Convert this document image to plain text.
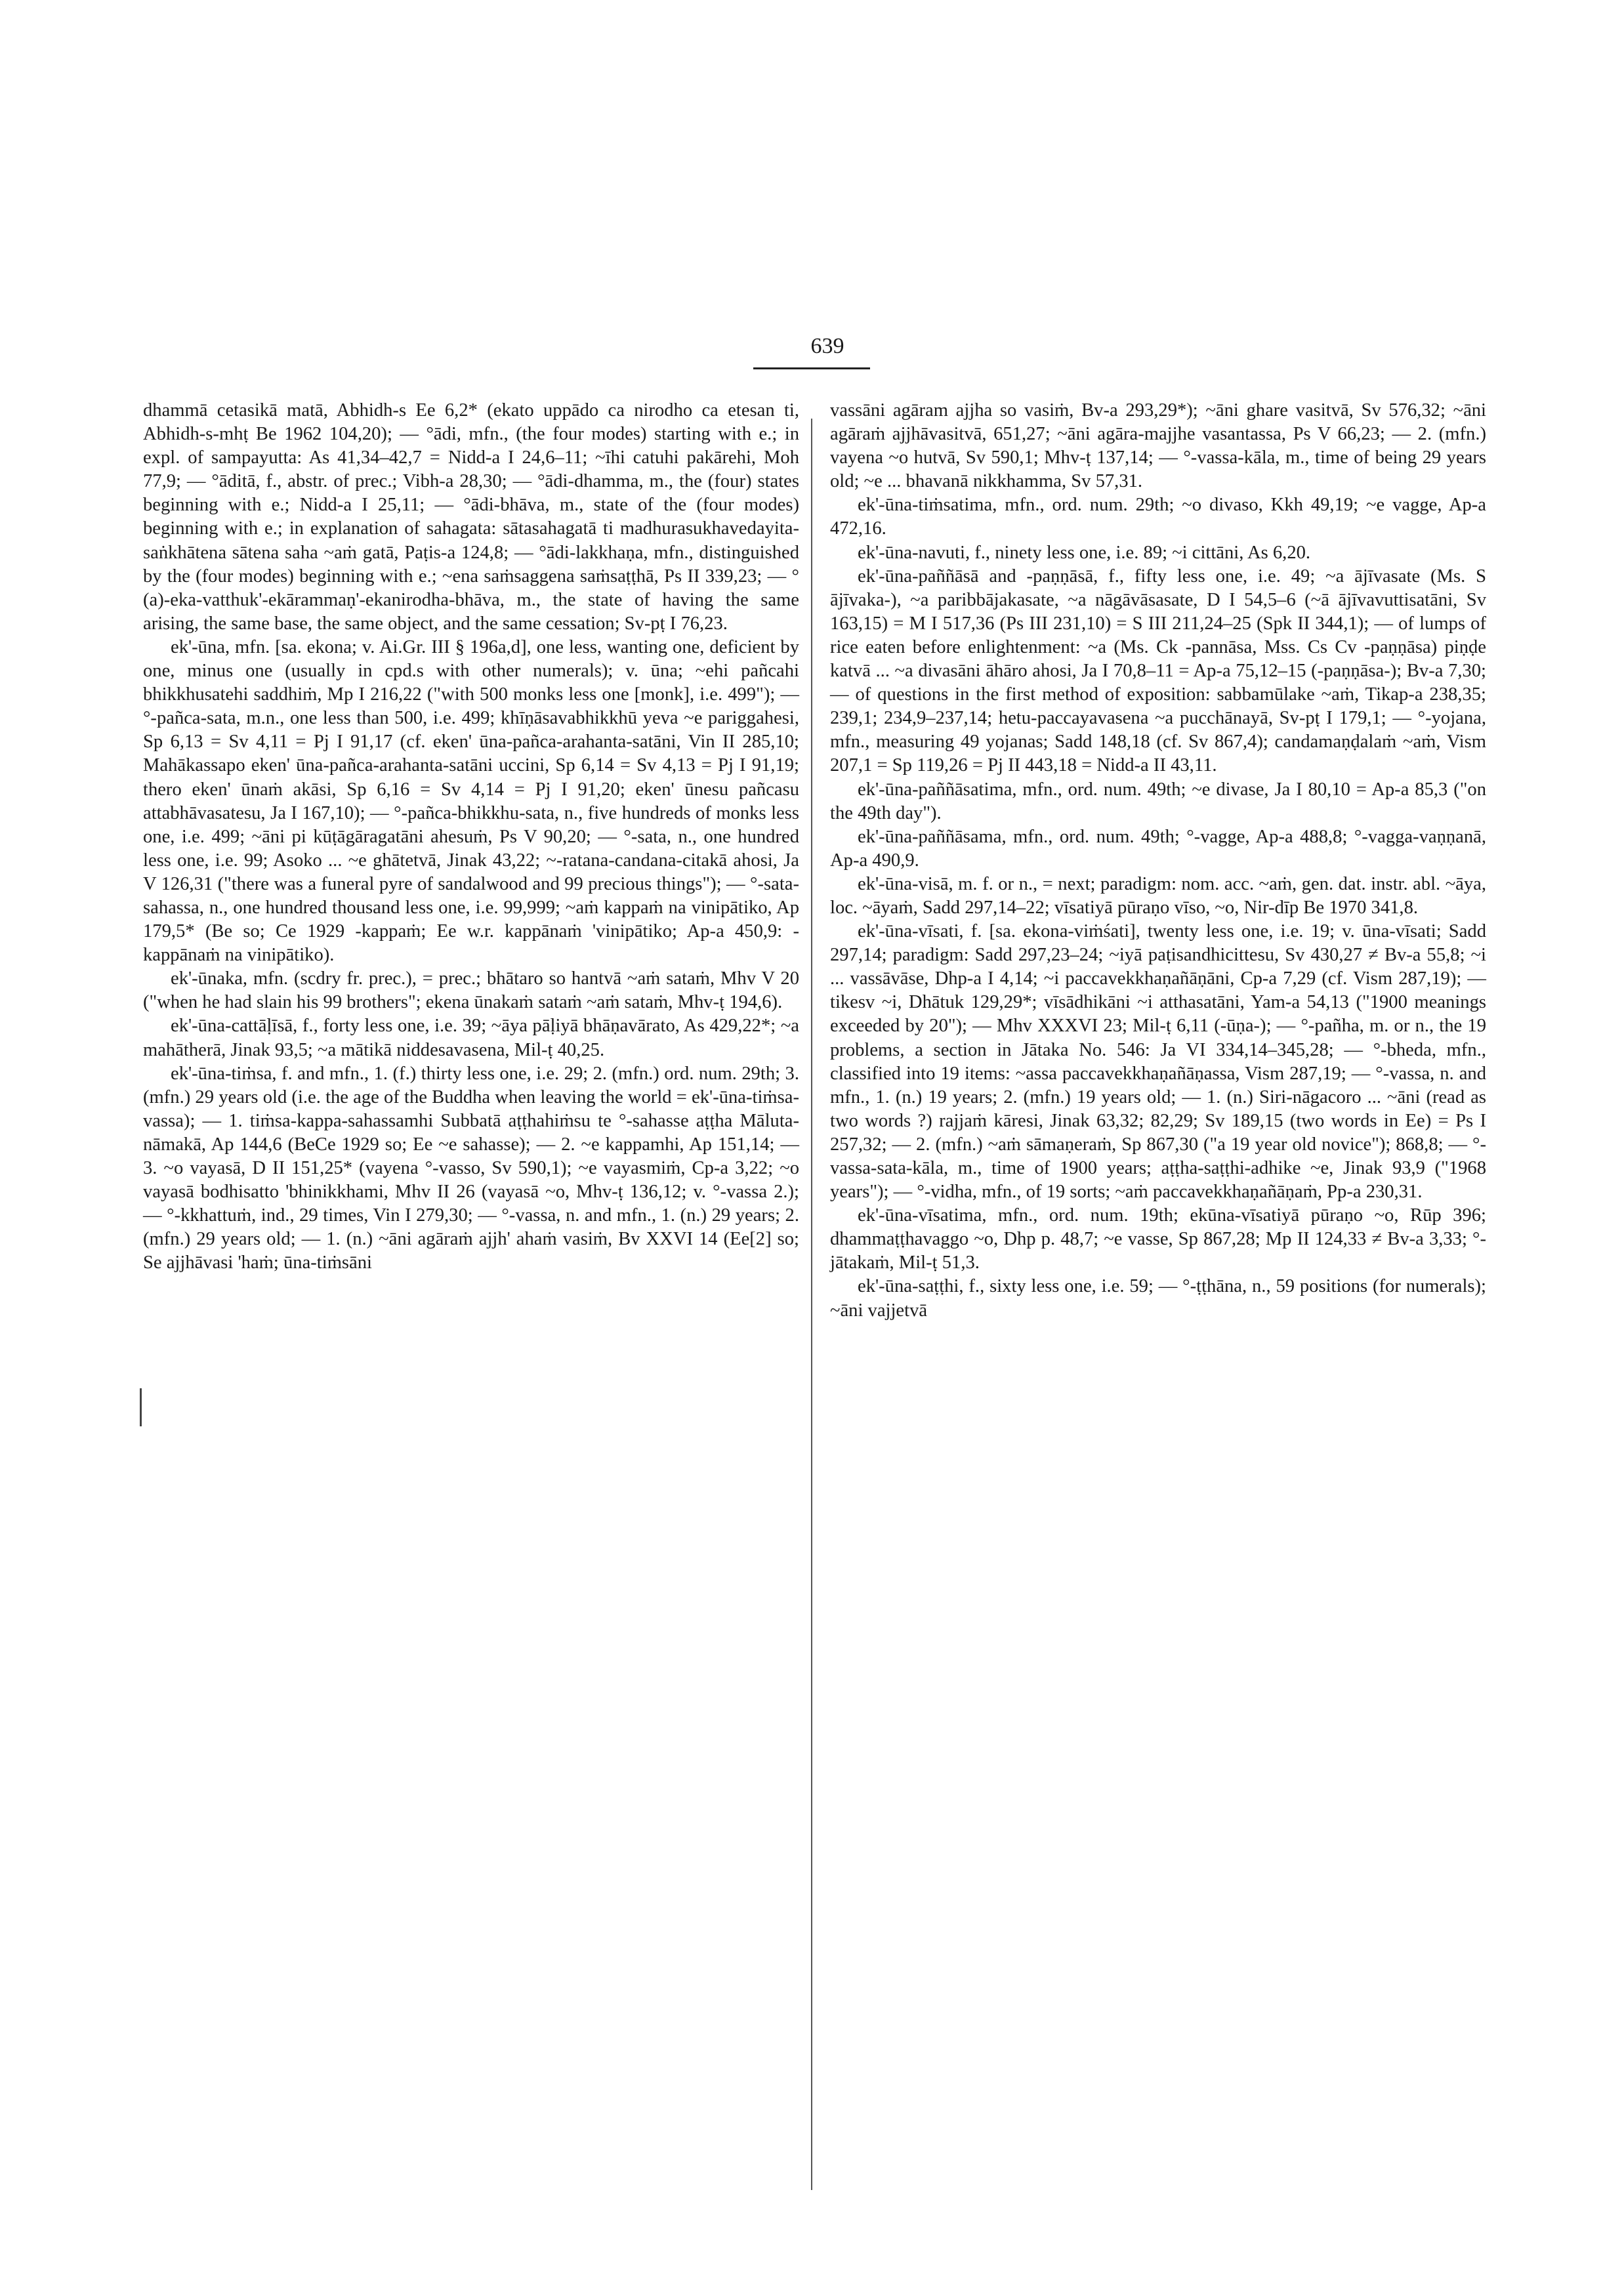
639

dhammā cetasikā matā, Abhidh-s Ee 6,2* (ekato uppādo ca nirodho ca etesan ti, Abhidh-s-mhṭ Be 1962 104,20); — °ādi, mfn., (the four modes) starting with e.; in expl. of sampayutta: As 41,34–42,7 = Nidd-a I 24,6–11; ~īhi catuhi pakārehi, Moh 77,9; — °āditā, f., abstr. of prec.; Vibh-a 28,30; — °ādi-dhamma, m., the (four) states beginning with e.; Nidd-a I 25,11; — °ādi-bhāva, m., state of the (four modes) beginning with e.; in explanation of sahagata: sātasahagatā ti madhurasukhavedayita-saṅkhātena sātena saha ~aṁ gatā, Paṭis-a 124,8; — °ādi-lakkhaṇa, mfn., distinguished by the (four modes) beginning with e.; ~ena saṁsaggena saṁsaṭṭhā, Ps II 339,23; — °(a)-eka-vatthuk'-ekārammaṇ'-ekanirodha-bhāva, m., the state of having the same arising, the same base, the same object, and the same cessation; Sv-pṭ I 76,23.

ek'-ūna, mfn. [sa. ekona; v. Ai.Gr. III § 196a,d], one less, wanting one, deficient by one, minus one (usually in cpd.s with other numerals); v. ūna; ~ehi pañcahi bhikkhusatehi saddhiṁ, Mp I 216,22 ("with 500 monks less one [monk], i.e. 499"); — °-pañca-sata, m.n., one less than 500, i.e. 499; khīṇāsavabhikkhū yeva ~e pariggahesi, Sp 6,13 = Sv 4,11 = Pj I 91,17 (cf. eken' ūna-pañca-arahanta-satāni, Vin II 285,10; Mahākassapo eken' ūna-pañca-arahanta-satāni uccini, Sp 6,14 = Sv 4,13 = Pj I 91,19; thero eken' ūnaṁ akāsi, Sp 6,16 = Sv 4,14 = Pj I 91,20; eken' ūnesu pañcasu attabhāvasatesu, Ja I 167,10); — °-pañca-bhikkhu-sata, n., five hundreds of monks less one, i.e. 499; ~āni pi kūṭāgāragatāni ahesuṁ, Ps V 90,20; — °-sata, n., one hundred less one, i.e. 99; Asoko ... ~e ghātetvā, Jinak 43,22; ~-ratana-candana-citakā ahosi, Ja V 126,31 ("there was a funeral pyre of sandalwood and 99 precious things"); — °-sata-sahassa, n., one hundred thousand less one, i.e. 99,999; ~aṁ kappaṁ na vinipātiko, Ap 179,5* (Be so; Ce 1929 -kappaṁ; Ee w.r. kappānaṁ 'vinipātiko; Ap-a 450,9: -kappānaṁ na vinipātiko).

ek'-ūnaka, mfn. (scdry fr. prec.), = prec.; bhātaro so hantvā ~aṁ sataṁ, Mhv V 20 ("when he had slain his 99 brothers"; ekena ūnakaṁ sataṁ ~aṁ sataṁ, Mhv-ṭ 194,6).

ek'-ūna-cattāḷīsā, f., forty less one, i.e. 39; ~āya pāḷiyā bhāṇavārato, As 429,22*; ~a mahātherā, Jinak 93,5; ~a mātikā niddesavasena, Mil-ṭ 40,25.

ek'-ūna-tiṁsa, f. and mfn., 1. (f.) thirty less one, i.e. 29; 2. (mfn.) ord. num. 29th; 3. (mfn.) 29 years old (i.e. the age of the Buddha when leaving the world = ek'-ūna-tiṁsa-vassa); — 1. tiṁsa-kappa-sahassamhi Subbatā aṭṭhahiṁsu te °-sahasse aṭṭha Māluta-nāmakā, Ap 144,6 (BeCe 1929 so; Ee ~e sahasse); — 2. ~e kappamhi, Ap 151,14; — 3. ~o vayasā, D II 151,25* (vayena °-vasso, Sv 590,1); ~e vayasmiṁ, Cp-a 3,22; ~o vayasā bodhisatto 'bhinikkhami, Mhv II 26 (vayasā ~o, Mhv-ṭ 136,12; v. °-vassa 2.); — °-kkhattuṁ, ind., 29 times, Vin I 279,30; — °-vassa, n. and mfn., 1. (n.) 29 years; 2. (mfn.) 29 years old; — 1. (n.) ~āni agāraṁ ajjh' ahaṁ vasiṁ, Bv XXVI 14 (Ee[2] so; Se ajjhāvasi 'haṁ; ūna-tiṁsāni

vassāni agāram ajjha so vasiṁ, Bv-a 293,29*); ~āni ghare vasitvā, Sv 576,32; ~āni agāraṁ ajjhāvasitvā, 651,27; ~āni agāra-majjhe vasantassa, Ps V 66,23; — 2. (mfn.) vayena ~o hutvā, Sv 590,1; Mhv-ṭ 137,14; — °-vassa-kāla, m., time of being 29 years old; ~e ... bhavanā nikkhamma, Sv 57,31.

ek'-ūna-tiṁsatima, mfn., ord. num. 29th; ~o divaso, Kkh 49,19; ~e vagge, Ap-a 472,16.

ek'-ūna-navuti, f., ninety less one, i.e. 89; ~i cittāni, As 6,20.

ek'-ūna-paññāsā and -paṇṇāsā, f., fifty less one, i.e. 49; ~a ājīvasate (Ms. S ājīvaka-), ~a paribbājakasate, ~a nāgāvāsasate, D I 54,5–6 (~ā ājīvavuttisatāni, Sv 163,15) = M I 517,36 (Ps III 231,10) = S III 211,24–25 (Spk II 344,1); — of lumps of rice eaten before enlightenment: ~a (Ms. Ck -pannāsa, Mss. Cs Cv -paṇṇāsa) piṇḍe katvā ... ~a divasāni āhāro ahosi, Ja I 70,8–11 = Ap-a 75,12–15 (-paṇṇāsa-); Bv-a 7,30; — of questions in the first method of exposition: sabbamūlake ~aṁ, Tikap-a 238,35; 239,1; 234,9–237,14; hetu-paccayavasena ~a pucchānayā, Sv-pṭ I 179,1; — °-yojana, mfn., measuring 49 yojanas; Sadd 148,18 (cf. Sv 867,4); candamaṇḍalaṁ ~aṁ, Vism 207,1 = Sp 119,26 = Pj II 443,18 = Nidd-a II 43,11.

ek'-ūna-paññāsatima, mfn., ord. num. 49th; ~e divase, Ja I 80,10 = Ap-a 85,3 ("on the 49th day").

ek'-ūna-paññāsama, mfn., ord. num. 49th; °-vagge, Ap-a 488,8; °-vagga-vaṇṇanā, Ap-a 490,9.

ek'-ūna-visā, m. f. or n., = next; paradigm: nom. acc. ~aṁ, gen. dat. instr. abl. ~āya, loc. ~āyaṁ, Sadd 297,14–22; vīsatiyā pūraṇo vīso, ~o, Nir-dīp Be 1970 341,8.

ek'-ūna-vīsati, f. [sa. ekona-viṁśati], twenty less one, i.e. 19; v. ūna-vīsati; Sadd 297,14; paradigm: Sadd 297,23–24; ~iyā paṭisandhicittesu, Sv 430,27 ≠ Bv-a 55,8; ~i ... vassāvāse, Dhp-a I 4,14; ~i paccavekkhaṇañāṇāni, Cp-a 7,29 (cf. Vism 287,19); — tikesv ~i, Dhātuk 129,29*; vīsādhikāni ~i atthasatāni, Yam-a 54,13 ("1900 meanings exceeded by 20"); — Mhv XXXVI 23; Mil-ṭ 6,11 (-ūṇa-); — °-pañha, m. or n., the 19 problems, a section in Jātaka No. 546: Ja VI 334,14–345,28; — °-bheda, mfn., classified into 19 items: ~assa paccavekkhaṇañāṇassa, Vism 287,19; — °-vassa, n. and mfn., 1. (n.) 19 years; 2. (mfn.) 19 years old; — 1. (n.) Siri-nāgacoro ... ~āni (read as two words ?) rajjaṁ kāresi, Jinak 63,32; 82,29; Sv 189,15 (two words in Ee) = Ps I 257,32; — 2. (mfn.) ~aṁ sāmaṇeraṁ, Sp 867,30 ("a 19 year old novice"); 868,8; — °-vassa-sata-kāla, m., time of 1900 years; aṭṭha-saṭṭhi-adhike ~e, Jinak 93,9 ("1968 years"); — °-vidha, mfn., of 19 sorts; ~aṁ paccavekkhaṇañāṇaṁ, Pp-a 230,31.

ek'-ūna-vīsatima, mfn., ord. num. 19th; ekūna-vīsatiyā pūraṇo ~o, Rūp 396; dhammaṭṭhavaggo ~o, Dhp p. 48,7; ~e vasse, Sp 867,28; Mp II 124,33 ≠ Bv-a 3,33; °-jātakaṁ, Mil-ṭ 51,3.

ek'-ūna-saṭṭhi, f., sixty less one, i.e. 59; — °-ṭṭhāna, n., 59 positions (for numerals); ~āni vajjetvā
